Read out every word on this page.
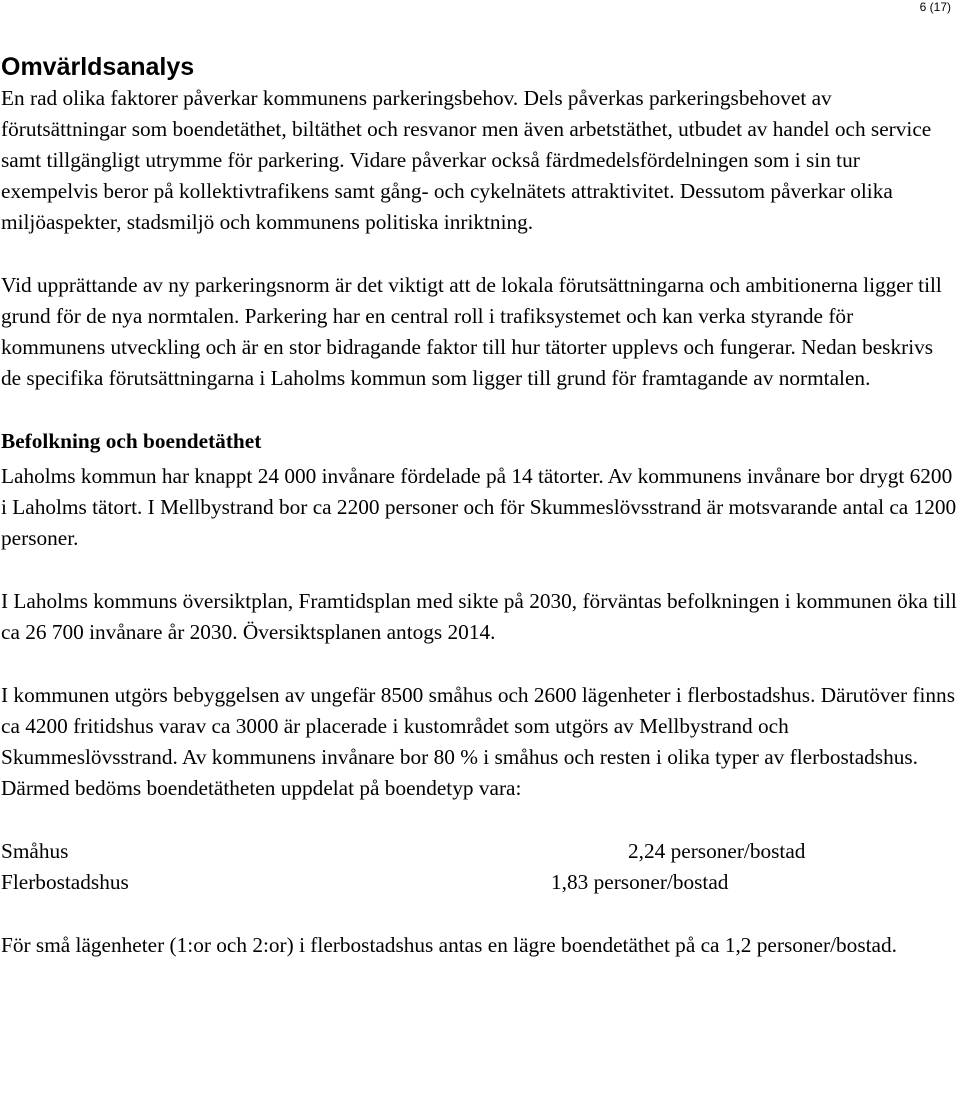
6 (17)
Omvärldsanalys

En rad olika faktorer påverkar kommunens parkeringsbehov. Dels påverkas parkeringsbehovet av förutsättningar som boendetäthet, biltäthet och resvanor men även arbetstäthet, utbudet av handel och service samt tillgängligt utrymme för parkering. Vidare påverkar också färdmedelsfördelningen som i sin tur exempelvis beror på kollektivtrafikens samt gång- och cykelnätets attraktivitet. Dessutom påverkar olika miljöaspekter, stadsmiljö och kommunens politiska inriktning.

Vid upprättande av ny parkeringsnorm är det viktigt att de lokala förutsättningarna och ambitionerna ligger till grund för de nya normtalen. Parkering har en central roll i trafiksystemet och kan verka styrande för kommunens utveckling och är en stor bidragande faktor till hur tätorter upplevs och fungerar. Nedan beskrivs de specifika förutsättningarna i Laholms kommun som ligger till grund för framtagande av normtalen.

Befolkning och boendetäthet

Laholms kommun har knappt 24 000 invånare fördelade på 14 tätorter. Av kommunens invånare bor drygt 6200 i Laholms tätort. I Mellbystrand bor ca 2200 personer och för Skummeslövsstrand är motsvarande antal ca 1200 personer.

I Laholms kommuns översiktplan, Framtidsplan med sikte på 2030, förväntas befolkningen i kommunen öka till ca 26 700 invånare år 2030. Översiktsplanen antogs 2014.

I kommunen utgörs bebyggelsen av ungefär 8500 småhus och 2600 lägenheter i flerbostadshus. Därutöver finns ca 4200 fritidshus varav ca 3000 är placerade i kustområdet som utgörs av Mellbystrand och Skummeslövsstrand. Av kommunens invånare bor 80 % i småhus och resten i olika typer av flerbostadshus. Därmed bedöms boendetätheten uppdelat på boendetyp vara:

Småhus	2,24 personer/bostad
Flerbostadshus	1,83 personer/bostad

För små lägenheter (1:or och 2:or) i flerbostadshus antas en lägre boendetäthet på ca 1,2 personer/bostad.
